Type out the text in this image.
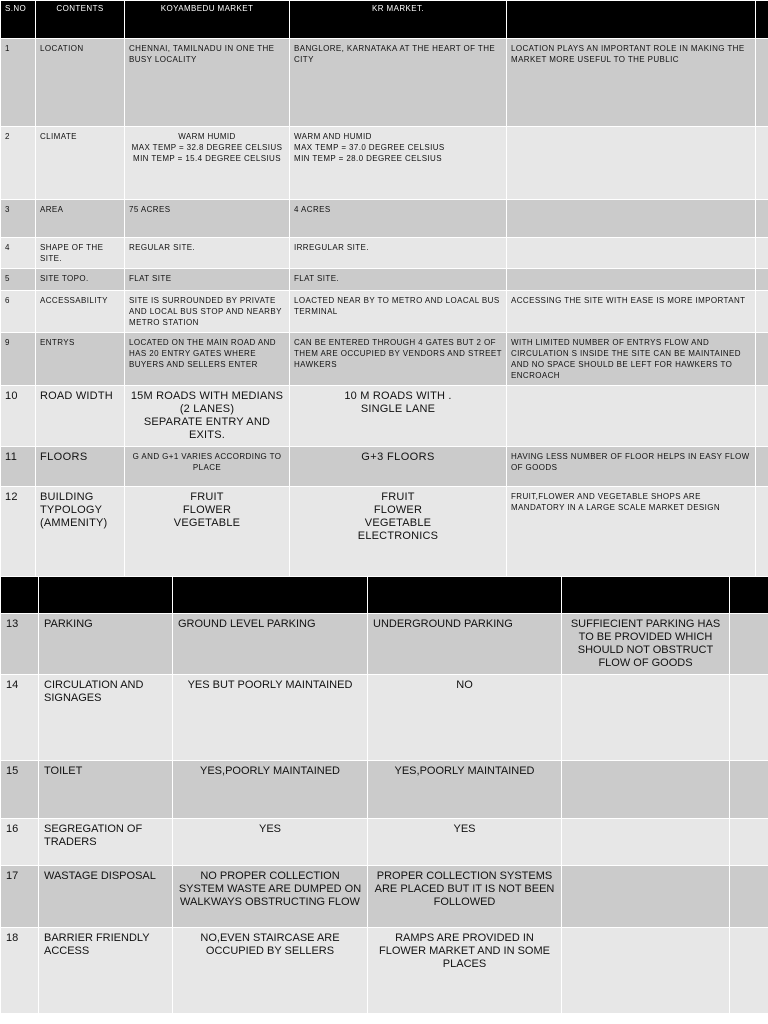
S.NO	CONTENTS	KOYAMBEDU MARKET	KR MARKET.		
1	LOCATION	CHENNAI, TAMILNADU IN ONE THE BUSY LOCALITY	BANGLORE, KARNATAKA AT THE HEART OF THE CITY	LOCATION PLAYS AN IMPORTANT ROLE IN MAKING THE MARKET MORE USEFUL TO THE PUBLIC	
2	CLIMATE	WARM HUMID
MAX TEMP = 32.8 DEGREE CELSIUS
MIN TEMP = 15.4 DEGREE CELSIUS	WARM AND HUMID
MAX TEMP = 37.0 DEGREE CELSIUS
MIN TEMP = 28.0 DEGREE CELSIUS		
3	AREA	75 ACRES	4 ACRES		
4	SHAPE OF THE SITE.	REGULAR SITE.	IRREGULAR SITE.		
5	SITE TOPO.	FLAT SITE	FLAT SITE.		
6	ACCESSABILITY	SITE IS SURROUNDED BY PRIVATE AND LOCAL BUS STOP AND NEARBY METRO STATION	LOACTED NEAR BY TO METRO AND LOACAL BUS TERMINAL	ACCESSING THE SITE WITH EASE IS MORE IMPORTANT	
9	ENTRYS	LOCATED ON THE MAIN ROAD AND HAS 20 ENTRY GATES WHERE BUYERS AND SELLERS ENTER	CAN BE ENTERED THROUGH 4 GATES BUT 2 OF THEM ARE OCCUPIED BY VENDORS AND STREET HAWKERS	WITH LIMITED NUMBER OF ENTRYS FLOW AND CIRCULATION S INSIDE THE SITE CAN BE MAINTAINED AND NO SPACE SHOULD BE LEFT FOR HAWKERS TO ENCROACH	
10	ROAD WIDTH	15M ROADS WITH MEDIANS
(2 LANES)
SEPARATE ENTRY AND EXITS.	10 M ROADS WITH .
SINGLE LANE		
11	FLOORS	G AND G+1 VARIES ACCORDING TO PLACE	G+3 FLOORS	HAVING LESS NUMBER OF FLOOR HELPS IN EASY FLOW OF GOODS	
12	BUILDING TYPOLOGY (AMMENITY)	FRUIT
FLOWER
VEGETABLE	FRUIT
FLOWER
VEGETABLE
ELECTRONICS	FRUIT,FLOWER AND VEGETABLE SHOPS ARE MANDATORY IN A LARGE SCALE MARKET DESIGN	

13	PARKING	GROUND LEVEL PARKING	UNDERGROUND PARKING	SUFFIECIENT PARKING HAS TO BE PROVIDED WHICH SHOULD NOT OBSTRUCT FLOW OF GOODS	
14	CIRCULATION AND SIGNAGES	YES BUT POORLY MAINTAINED	NO		
15	TOILET	YES,POORLY MAINTAINED	YES,POORLY MAINTAINED		
16	SEGREGATION OF TRADERS	YES	YES		
17	WASTAGE DISPOSAL	NO PROPER COLLECTION SYSTEM WASTE ARE DUMPED ON WALKWAYS OBSTRUCTING FLOW	PROPER COLLECTION SYSTEMS ARE PLACED BUT IT IS NOT BEEN FOLLOWED		
18	BARRIER FRIENDLY ACCESS	NO,EVEN STAIRCASE ARE OCCUPIED BY SELLERS	RAMPS ARE PROVIDED IN FLOWER MARKET AND IN SOME PLACES		
